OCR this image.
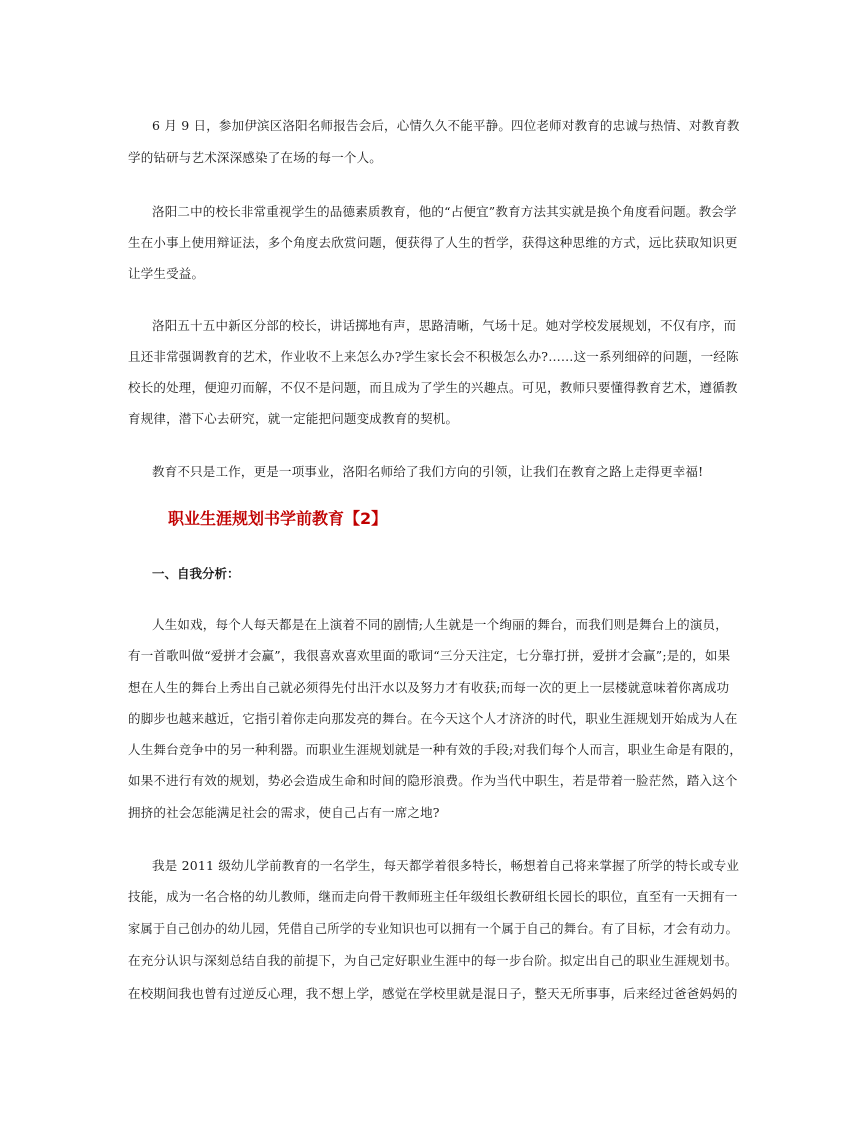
6 月 9 日，参加伊滨区洛阳名师报告会后，心情久久不能平静。四位老师对教育的忠诚与热情、对教育教
学的钻研与艺术深深感染了在场的每一个人。
洛阳二中的校长非常重视学生的品德素质教育，他的“占便宜”教育方法其实就是换个角度看问题。教会学
生在小事上使用辩证法，多个角度去欣赏问题，便获得了人生的哲学，获得这种思维的方式，远比获取知识更
让学生受益。
洛阳五十五中新区分部的校长，讲话掷地有声，思路清晰，气场十足。她对学校发展规划，不仅有序，而
且还非常强调教育的艺术，作业收不上来怎么办?学生家长会不积极怎么办?……这一系列细碎的问题，一经陈
校长的处理，便迎刃而解，不仅不是问题，而且成为了学生的兴趣点。可见，教师只要懂得教育艺术，遵循教
育规律，潜下心去研究，就一定能把问题变成教育的契机。
教育不只是工作，更是一项事业，洛阳名师给了我们方向的引领，让我们在教育之路上走得更幸福!
职业生涯规划书学前教育【2】
一、自我分析：
人生如戏，每个人每天都是在上演着不同的剧情;人生就是一个绚丽的舞台，而我们则是舞台上的演员，
有一首歌叫做“爱拼才会赢”，我很喜欢喜欢里面的歌词“三分天注定，七分靠打拼，爱拼才会赢”;是的，如果
想在人生的舞台上秀出自己就必须得先付出汗水以及努力才有收获;而每一次的更上一层楼就意味着你离成功
的脚步也越来越近，它指引着你走向那发亮的舞台。在今天这个人才济济的时代，职业生涯规划开始成为人在
人生舞台竞争中的另一种利器。而职业生涯规划就是一种有效的手段;对我们每个人而言，职业生命是有限的，
如果不进行有效的规划，势必会造成生命和时间的隐形浪费。作为当代中职生，若是带着一脸茫然，踏入这个
拥挤的社会怎能满足社会的需求，使自己占有一席之地?
我是 2011 级幼儿学前教育的一名学生，每天都学着很多特长，畅想着自己将来掌握了所学的特长或专业
技能，成为一名合格的幼儿教师，继而走向骨干教师班主任年级组长教研组长园长的职位，直至有一天拥有一
家属于自己创办的幼儿园，凭借自己所学的专业知识也可以拥有一个属于自己的舞台。有了目标，才会有动力。
在充分认识与深刻总结自我的前提下，为自己定好职业生涯中的每一步台阶。拟定出自己的职业生涯规划书。
在校期间我也曾有过逆反心理，我不想上学，感觉在学校里就是混日子，整天无所事事，后来经过爸爸妈妈的
